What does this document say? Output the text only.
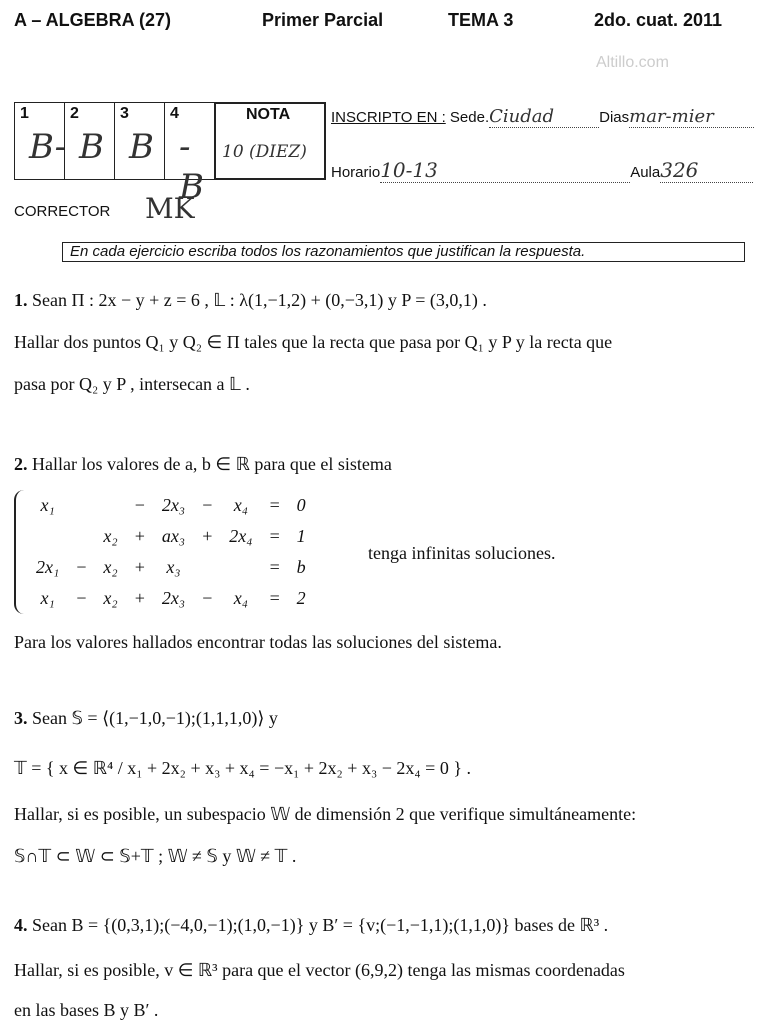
A – ALGEBRA (27)	Primer Parcial	TEMA 3	2do. cuat. 2011
Altillo.com
1
B-
2
B
3
B
4
-B
NOTA
10 (DIEZ)
INSCRIPTO EN : Sede.Ciudad	Diasmar-mier
Horario10-13	Aula326
CORRECTOR MK
En cada ejercicio escriba todos los razonamientos que justifican la respuesta.
1. Sean Π : 2x − y + z = 6 , 𝕃 : λ(1,−1,2) + (0,−3,1) y P = (3,0,1) .
Hallar dos puntos Q₁ y Q₂ ∈ Π tales que la recta que pasa por Q₁ y P y la recta que
pasa por Q₂ y P , intersecan a 𝕃 .
2. Hallar los valores de a, b ∈ ℝ para que el sistema
x₁			−	2x₃	−	x₄	=	0
		x₂	+	ax₃	+	2x₄	=	1
2x₁	−	x₂	+	x₃			=	b
x₁	−	x₂	+	2x₃	−	x₄	=	2
tenga infinitas soluciones.
Para los valores hallados encontrar todas las soluciones del sistema.
3. Sean 𝕊 = ⟨(1,−1,0,−1);(1,1,1,0)⟩ y
𝕋 = { x ∈ ℝ⁴ / x₁ + 2x₂ + x₃ + x₄ = −x₁ + 2x₂ + x₃ − 2x₄ = 0 } .
Hallar, si es posible, un subespacio 𝕎 de dimensión 2 que verifique simultáneamente:
𝕊∩𝕋 ⊂ 𝕎 ⊂ 𝕊+𝕋 ; 𝕎 ≠ 𝕊 y 𝕎 ≠ 𝕋 .
4. Sean B = {(0,3,1);(−4,0,−1);(1,0,−1)} y B′ = {v;(−1,−1,1);(1,1,0)} bases de ℝ³ .
Hallar, si es posible, v ∈ ℝ³ para que el vector (6,9,2) tenga las mismas coordenadas
en las bases B y B′ .
